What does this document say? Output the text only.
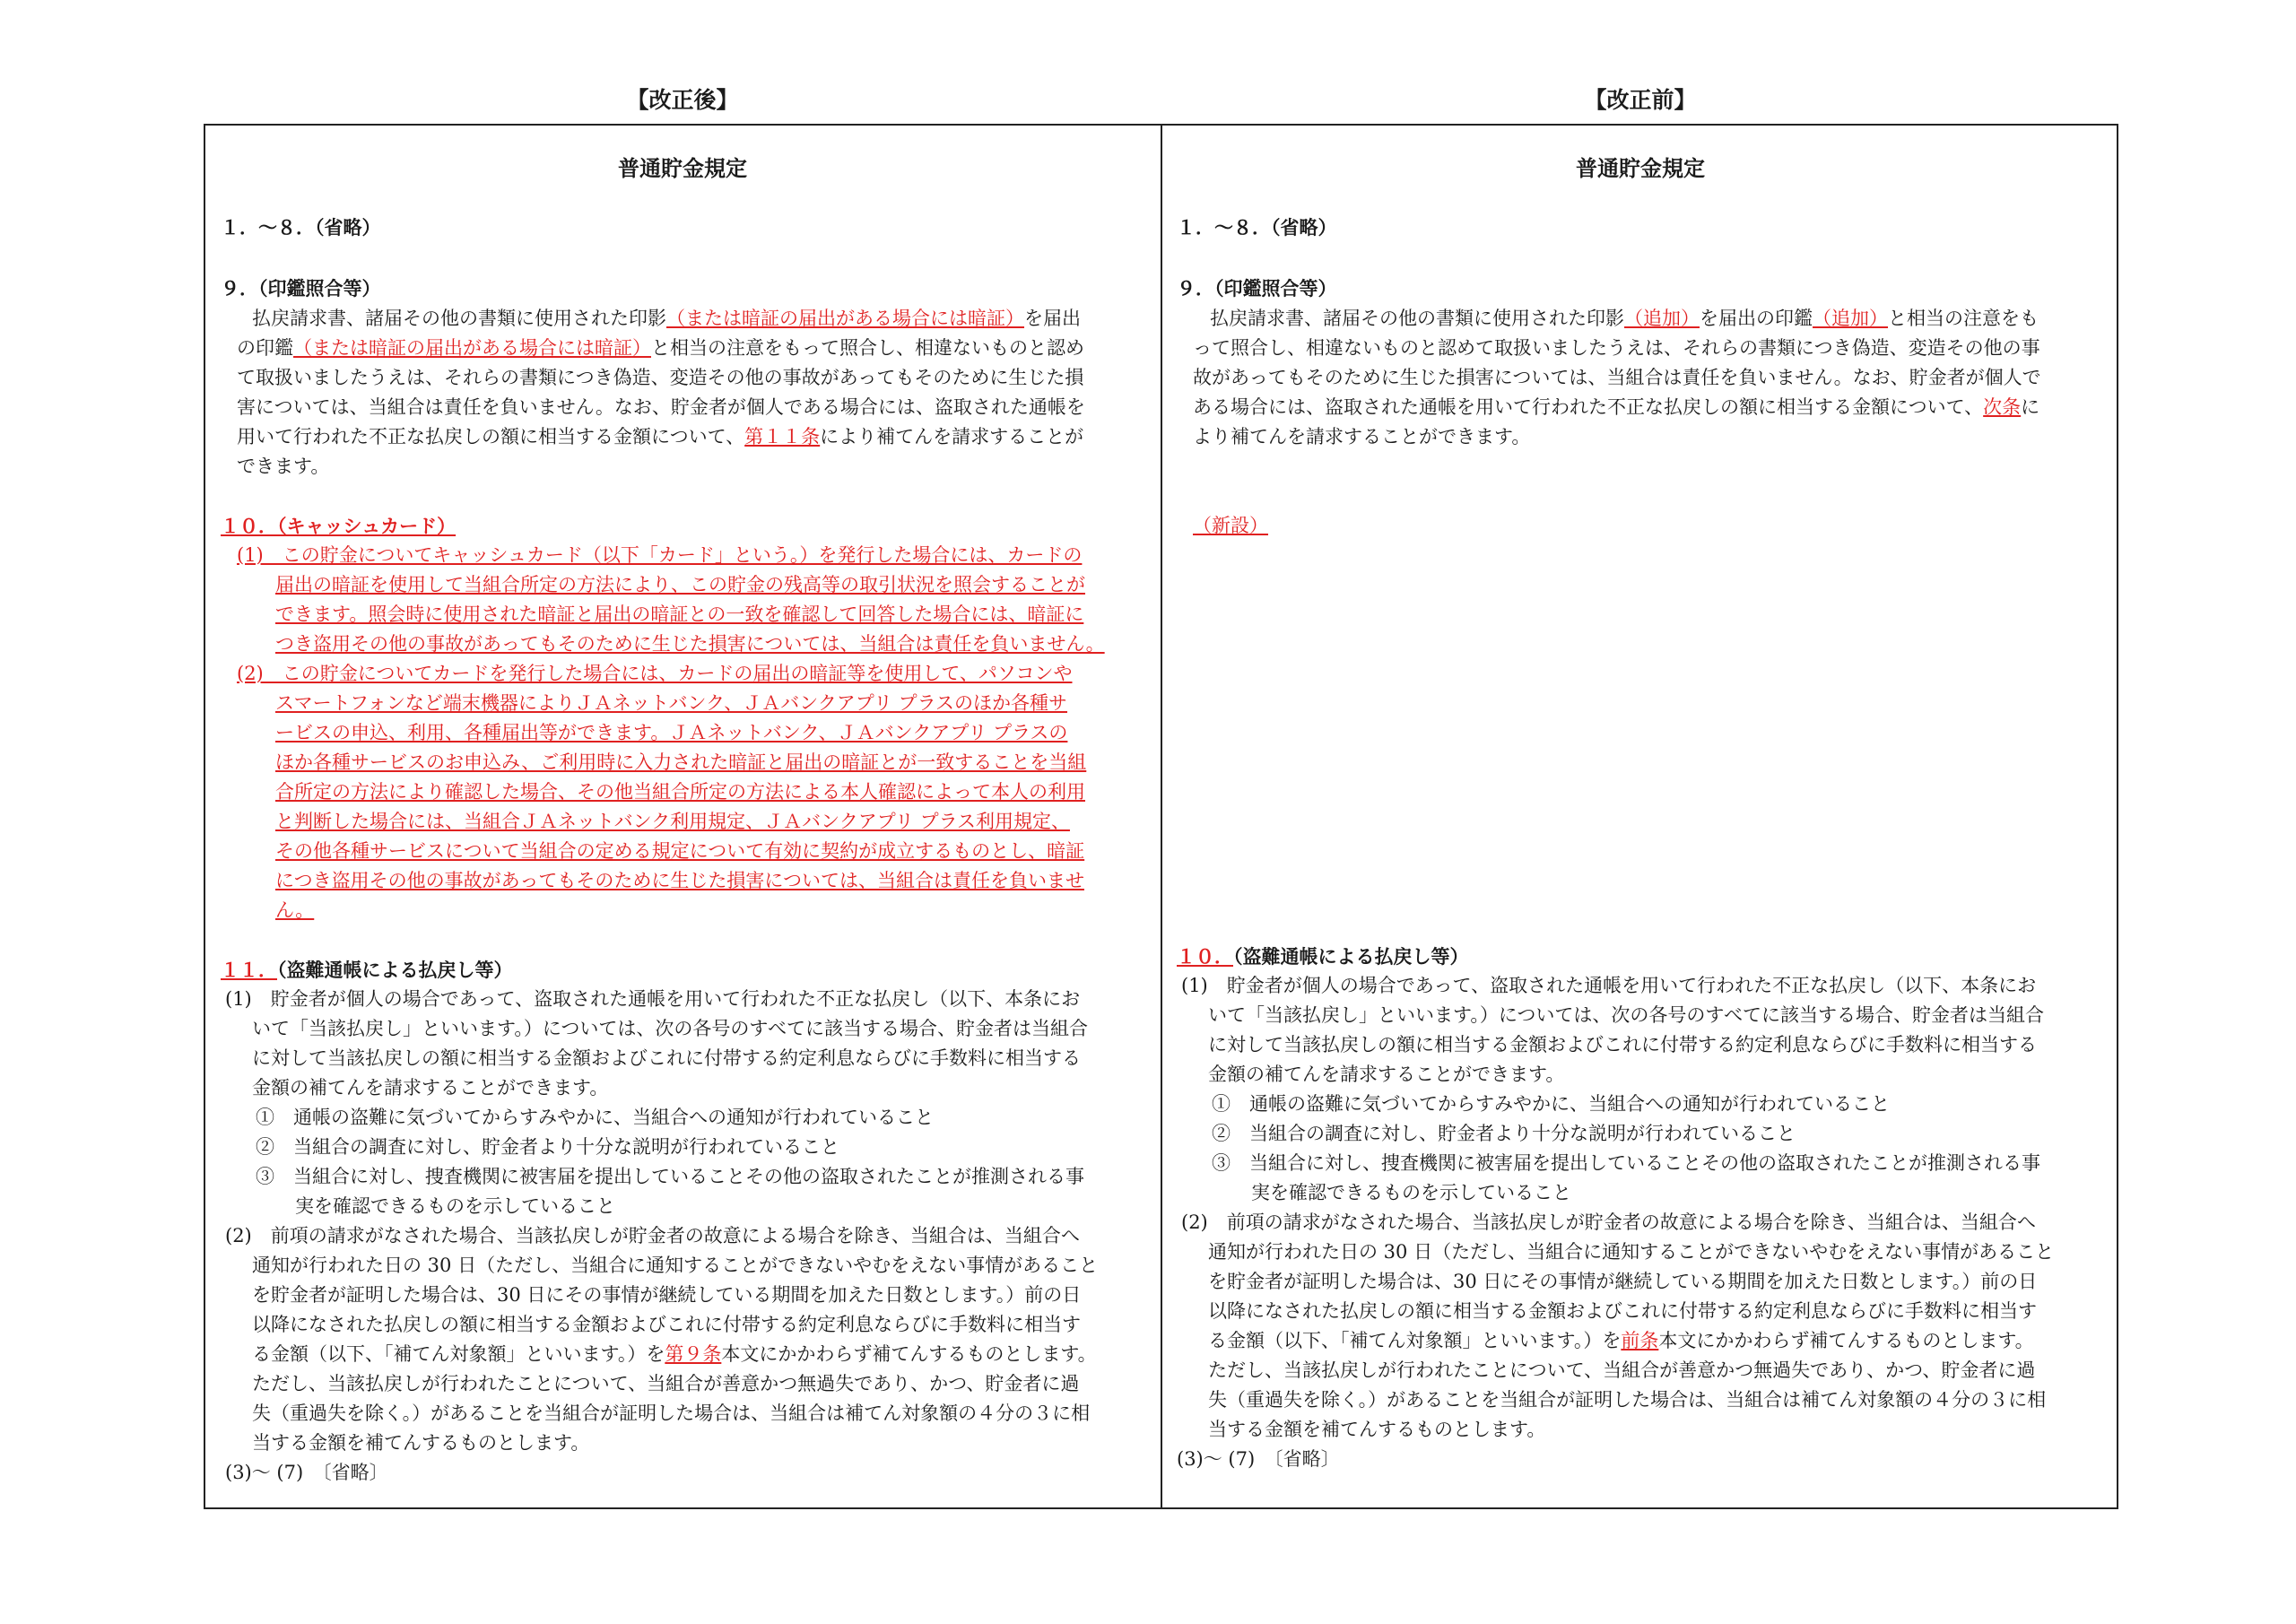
【改正後】	【改正前】
普通貯金規定
１．～８．（省略）
９．（印鑑照合等）
払戻請求書、諸届その他の書類に使用された印影（または暗証の届出がある場合には暗証）を届出
の印鑑（または暗証の届出がある場合には暗証）と相当の注意をもって照合し、相違ないものと認め
て取扱いましたうえは、それらの書類につき偽造、変造その他の事故があってもそのために生じた損
害については、当組合は責任を負いません。なお、貯金者が個人である場合には、盗取された通帳を
用いて行われた不正な払戻しの額に相当する金額について、第１１条により補てんを請求することが
できます。
１０．（キャッシュカード）
(1)　この貯金についてキャッシュカード（以下「カード」という。）を発行した場合には、カードの
届出の暗証を使用して当組合所定の方法により、この貯金の残高等の取引状況を照会することが
できます。照会時に使用された暗証と届出の暗証との一致を確認して回答した場合には、暗証に
つき盗用その他の事故があってもそのために生じた損害については、当組合は責任を負いません。
(2)　この貯金についてカードを発行した場合には、カードの届出の暗証等を使用して、パソコンや
スマートフォンなど端末機器によりＪＡネットバンク、ＪＡバンクアプリ プラスのほか各種サ
ービスの申込、利用、各種届出等ができます。ＪＡネットバンク、ＪＡバンクアプリ プラスの
ほか各種サービスのお申込み、ご利用時に入力された暗証と届出の暗証とが一致することを当組
合所定の方法により確認した場合、その他当組合所定の方法による本人確認によって本人の利用
と判断した場合には、当組合ＪＡネットバンク利用規定、ＪＡバンクアプリ プラス利用規定、
その他各種サービスについて当組合の定める規定について有効に契約が成立するものとし、暗証
につき盗用その他の事故があってもそのために生じた損害については、当組合は責任を負いませ
ん。
１１．（盗難通帳による払戻し等）
(1)　貯金者が個人の場合であって、盗取された通帳を用いて行われた不正な払戻し（以下、本条にお
いて「当該払戻し」といいます。）については、次の各号のすべてに該当する場合、貯金者は当組合
に対して当該払戻しの額に相当する金額およびこれに付帯する約定利息ならびに手数料に相当する
金額の補てんを請求することができます。
①　通帳の盗難に気づいてからすみやかに、当組合への通知が行われていること
②　当組合の調査に対し、貯金者より十分な説明が行われていること
③　当組合に対し、捜査機関に被害届を提出していることその他の盗取されたことが推測される事
実を確認できるものを示していること
(2)　前項の請求がなされた場合、当該払戻しが貯金者の故意による場合を除き、当組合は、当組合へ
通知が行われた日の 30 日（ただし、当組合に通知することができないやむをえない事情があること
を貯金者が証明した場合は、30 日にその事情が継続している期間を加えた日数とします。）前の日
以降になされた払戻しの額に相当する金額およびこれに付帯する約定利息ならびに手数料に相当す
る金額（以下、「補てん対象額」といいます。）を第９条本文にかかわらず補てんするものとします。
ただし、当該払戻しが行われたことについて、当組合が善意かつ無過失であり、かつ、貯金者に過
失（重過失を除く。）があることを当組合が証明した場合は、当組合は補てん対象額の４分の３に相
当する金額を補てんするものとします。
(3)～ (7)　〔省略〕
普通貯金規定
１．～８．（省略）
９．（印鑑照合等）
払戻請求書、諸届その他の書類に使用された印影（追加）を届出の印鑑（追加）と相当の注意をも
って照合し、相違ないものと認めて取扱いましたうえは、それらの書類につき偽造、変造その他の事
故があってもそのために生じた損害については、当組合は責任を負いません。なお、貯金者が個人で
ある場合には、盗取された通帳を用いて行われた不正な払戻しの額に相当する金額について、次条に
より補てんを請求することができます。
（新設）
１０．（盗難通帳による払戻し等）
(1)　貯金者が個人の場合であって、盗取された通帳を用いて行われた不正な払戻し（以下、本条にお
いて「当該払戻し」といいます。）については、次の各号のすべてに該当する場合、貯金者は当組合
に対して当該払戻しの額に相当する金額およびこれに付帯する約定利息ならびに手数料に相当する
金額の補てんを請求することができます。
①　通帳の盗難に気づいてからすみやかに、当組合への通知が行われていること
②　当組合の調査に対し、貯金者より十分な説明が行われていること
③　当組合に対し、捜査機関に被害届を提出していることその他の盗取されたことが推測される事
実を確認できるものを示していること
(2)　前項の請求がなされた場合、当該払戻しが貯金者の故意による場合を除き、当組合は、当組合へ
通知が行われた日の 30 日（ただし、当組合に通知することができないやむをえない事情があること
を貯金者が証明した場合は、30 日にその事情が継続している期間を加えた日数とします。）前の日
以降になされた払戻しの額に相当する金額およびこれに付帯する約定利息ならびに手数料に相当す
る金額（以下、「補てん対象額」といいます。）を前条本文にかかわらず補てんするものとします。
ただし、当該払戻しが行われたことについて、当組合が善意かつ無過失であり、かつ、貯金者に過
失（重過失を除く。）があることを当組合が証明した場合は、当組合は補てん対象額の４分の３に相
当する金額を補てんするものとします。
(3)～ (7)　〔省略〕
